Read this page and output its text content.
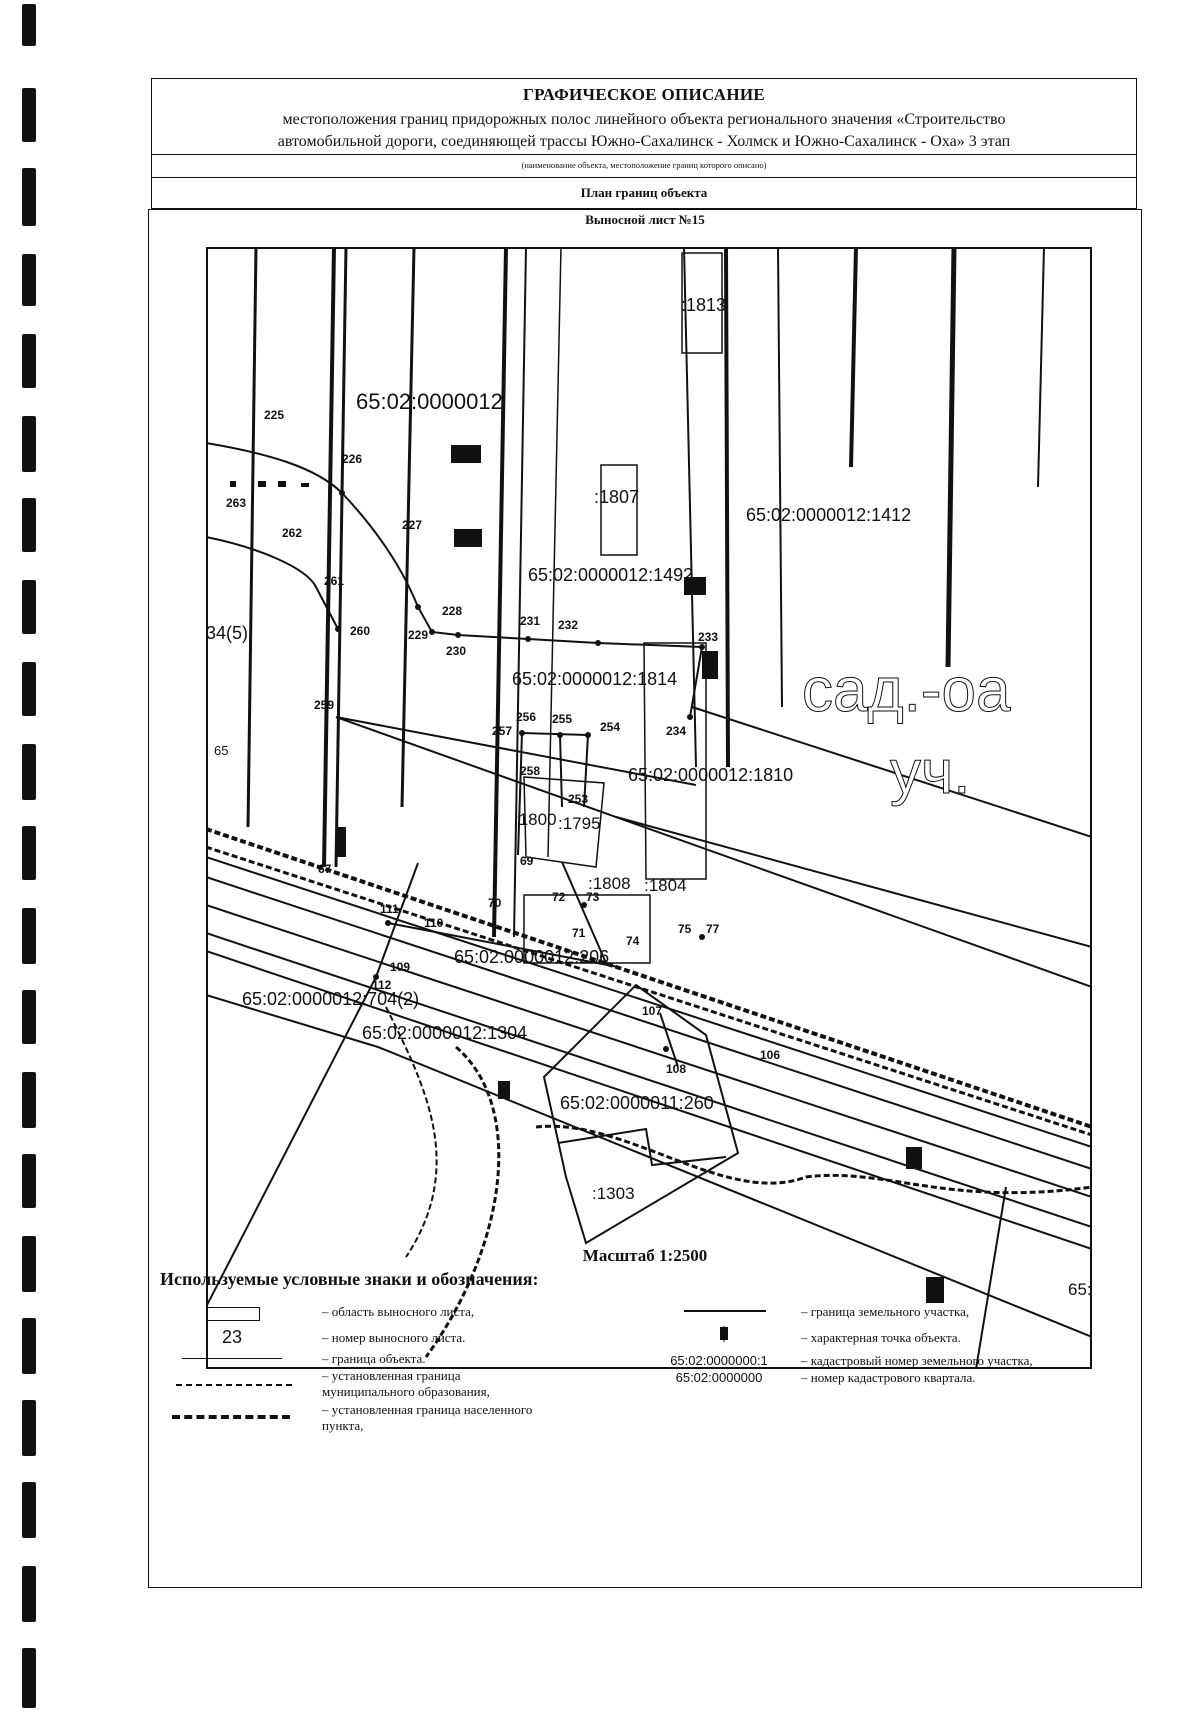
ГРАФИЧЕСКОЕ ОПИСАНИЕ
местоположения границ придорожных полос линейного объекта регионального значения «Строительство
автомобильной дороги, соединяющей трассы Южно-Сахалинск - Холмск и Южно-Сахалинск - Оха» 3 этап
(наименование объекта, местоположение границ которого описано)
План границ объекта
Выносной лист №15
65:02:0000012
:1813
:1807
65:02:0000012:1412
65:02:0000012:1492
65:02:0000012:1814
65:02:0000012:1810
:1800 :1795
:1808 :1804
65:02:0000012:206
65:02:0000012:704(2)
65:02:0000012:1304
65:02:0000011:260
:1303
34(5)
65
65:
сад.-оа
уч.
225
226
227
228
229
230
231 232
233
234
254
255
256
257
258
253
259
260
261
262
263
67
69
70
71
72 73
74
75 77
106
107
108
109
110
111
112
Масштаб 1:2500
Используемые условные знаки и обозначения:
– область выносного листа,
23	– номер выносного листа.
– граница объекта.
– установленная граница
муниципального образования,
– установленная граница населенного
пункта,
– граница земельного участка,
– характерная точка объекта.
65:02:0000000:1
65:02:0000000
– кадастровый номер земельного участка,
– номер кадастрового квартала.
